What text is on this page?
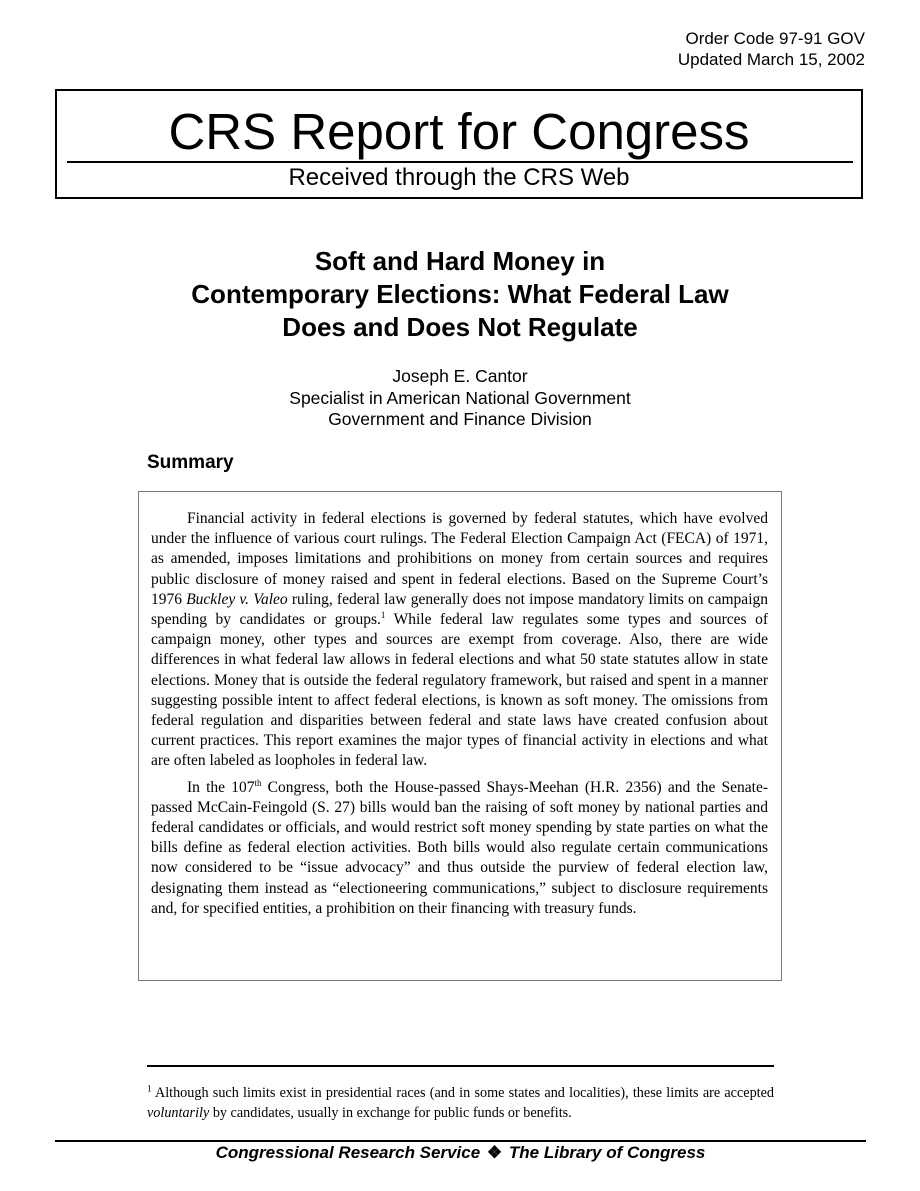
Order Code 97-91 GOV
Updated March 15, 2002
CRS Report for Congress
Received through the CRS Web
Soft and Hard Money in
Contemporary Elections: What Federal Law
Does and Does Not Regulate
Joseph E. Cantor
Specialist in American National Government
Government and Finance Division
Summary

Financial activity in federal elections is governed by federal statutes, which have evolved under the influence of various court rulings. The Federal Election Campaign Act (FECA) of 1971, as amended, imposes limitations and prohibitions on money from certain sources and requires public disclosure of money raised and spent in federal elections. Based on the Supreme Court’s 1976 Buckley v. Valeo ruling, federal law generally does not impose mandatory limits on campaign spending by candidates or groups.$^1$ While federal law regulates some types and sources of campaign money, other types and sources are exempt from coverage. Also, there are wide differences in what federal law allows in federal elections and what 50 state statutes allow in state elections. Money that is outside the federal regulatory framework, but raised and spent in a manner suggesting possible intent to affect federal elections, is known as soft money. The omissions from federal regulation and disparities between federal and state laws have created confusion about current practices. This report examines the major types of financial activity in elections and what are often labeled as loopholes in federal law.

In the 107th Congress, both the House-passed Shays-Meehan (H.R. 2356) and the Senate-passed McCain-Feingold (S. 27) bills would ban the raising of soft money by national parties and federal candidates or officials, and would restrict soft money spending by state parties on what the bills define as federal election activities. Both bills would also regulate certain communications now considered to be “issue advocacy” and thus outside the purview of federal election law, designating them instead as “electioneering communications,” subject to disclosure requirements and, for specified entities, a prohibition on their financing with treasury funds.

$^1$ Although such limits exist in presidential races (and in some states and localities), these limits are accepted voluntarily by candidates, usually in exchange for public funds or benefits.
Congressional Research Service ❖ The Library of Congress
